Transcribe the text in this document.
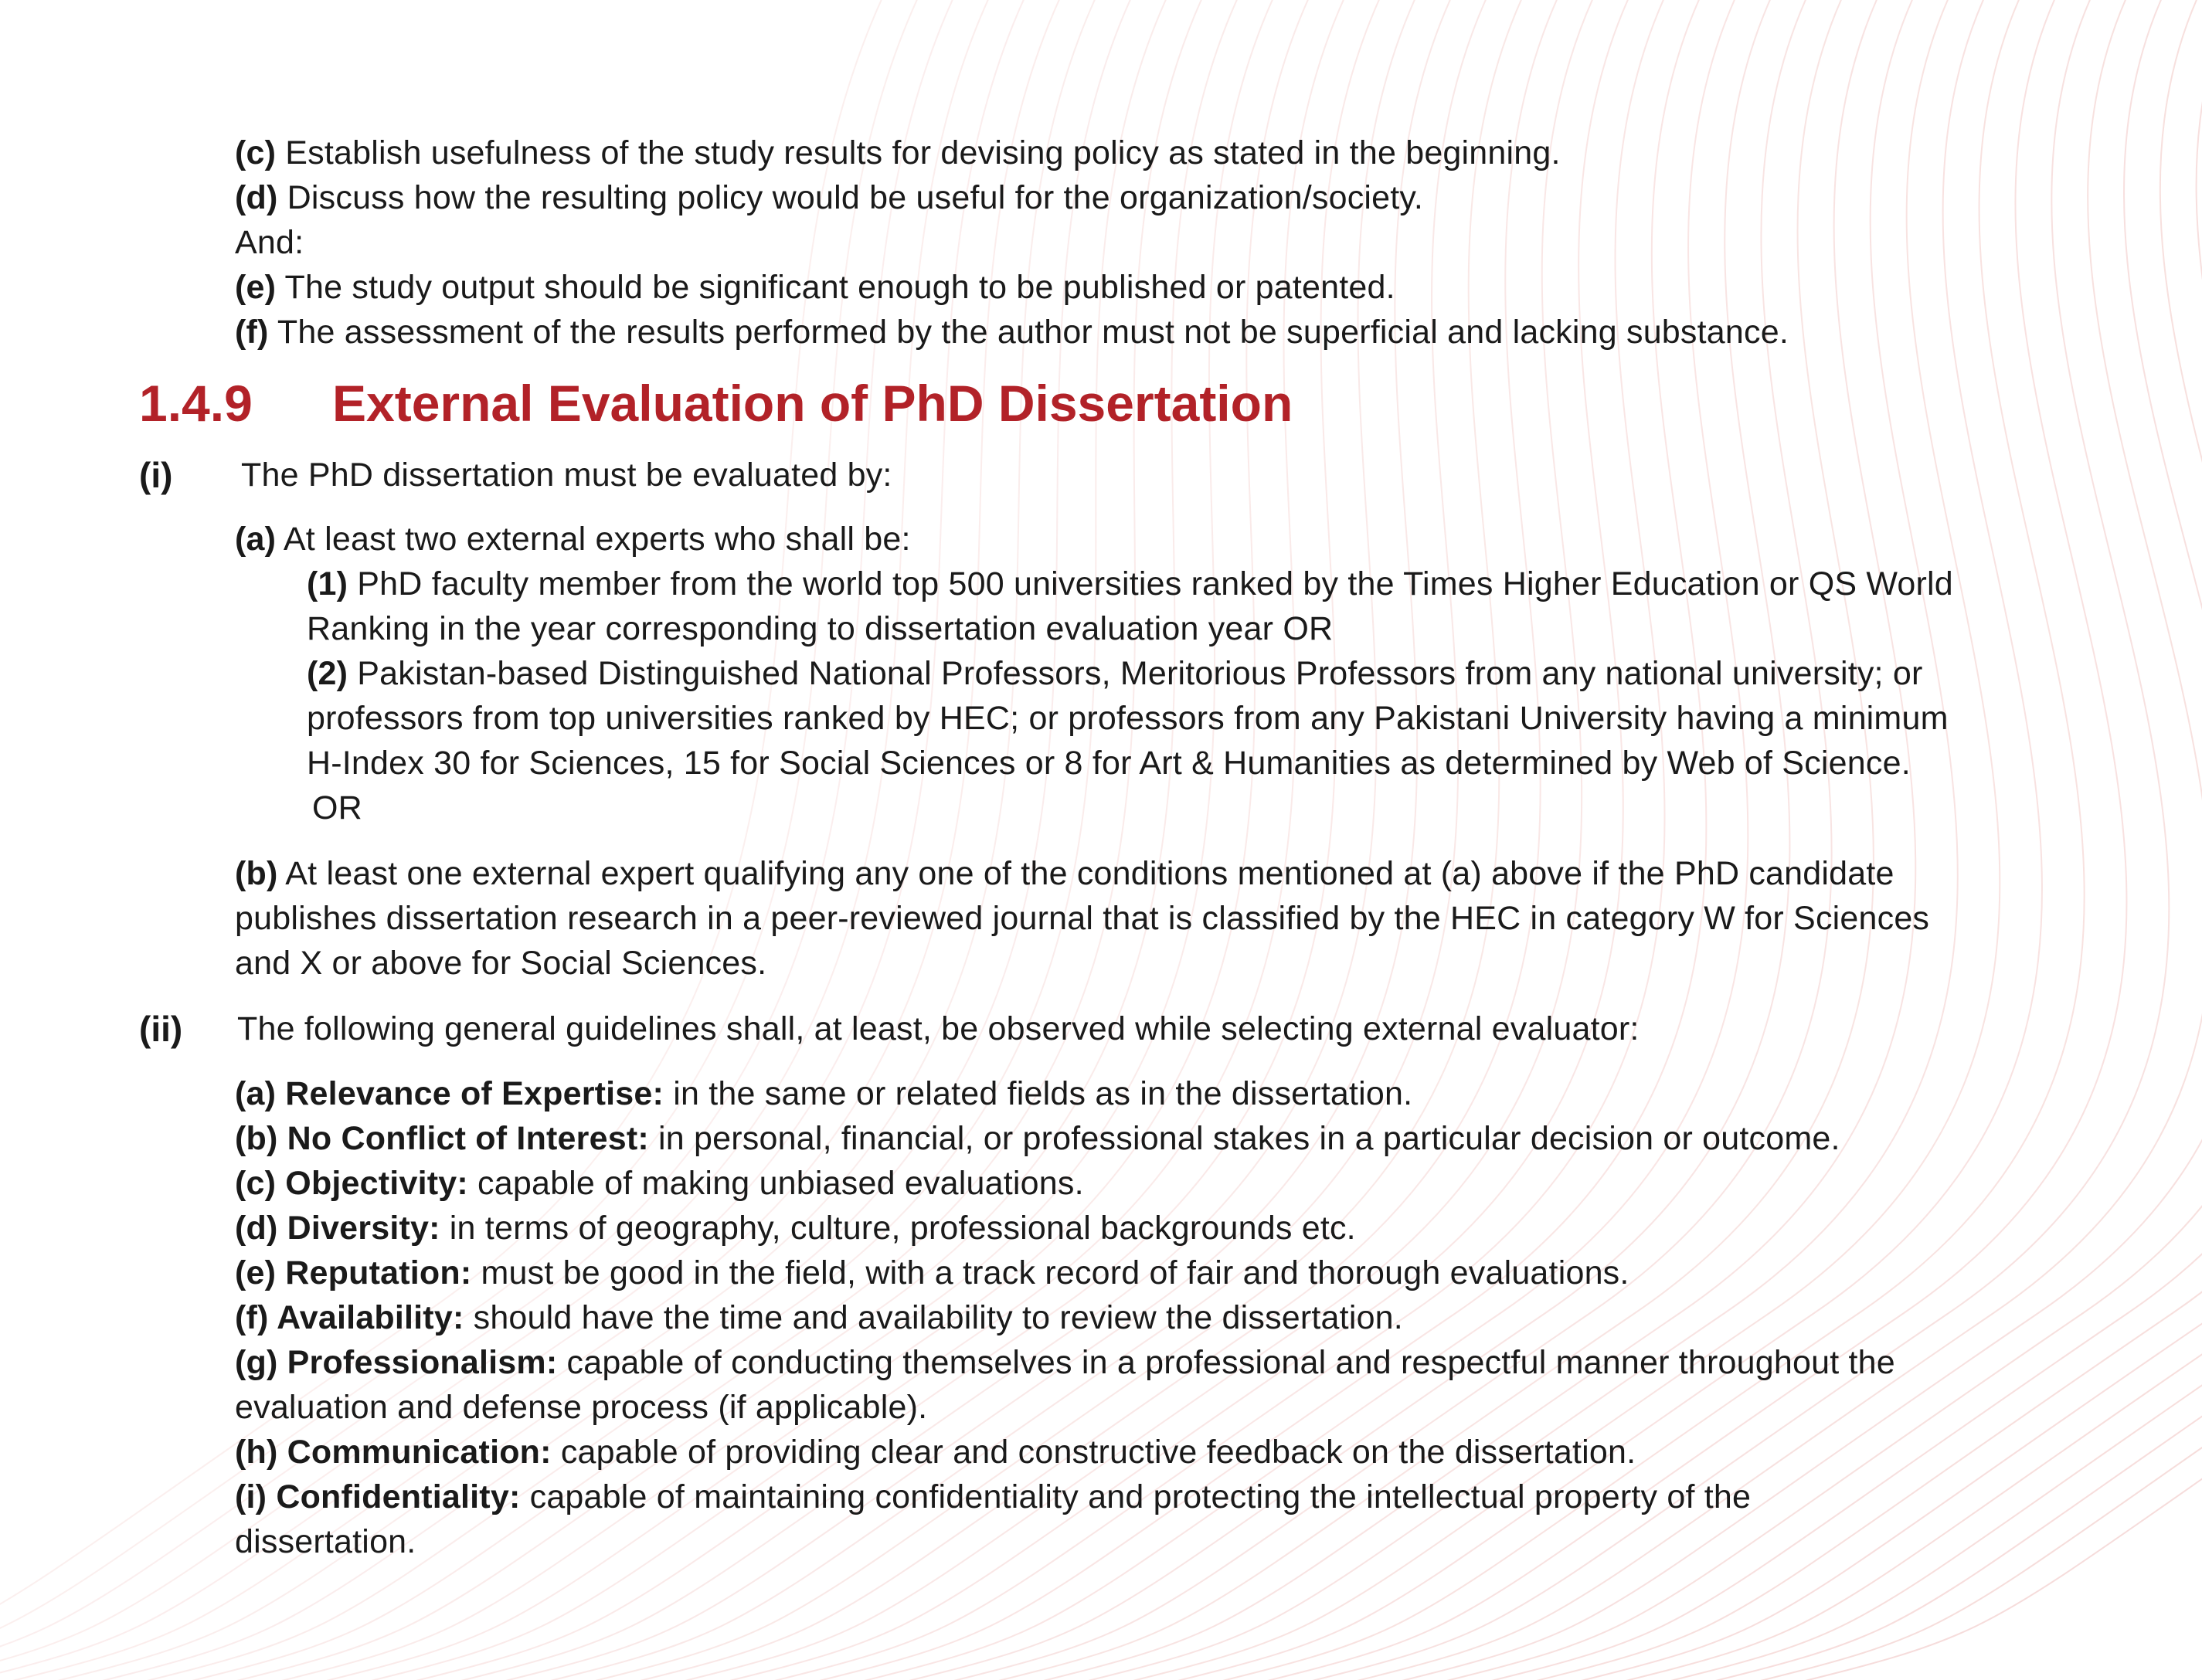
(c) Establish usefulness of the study results for devising policy as stated in the beginning.
(d) Discuss how the resulting policy would be useful for the organization/society.
And:
(e) The study output should be significant enough to be published or patented.
(f) The assessment of the results performed by the author must not be superficial and lacking substance.
1.4.9 External Evaluation of PhD Dissertation
(i) The PhD dissertation must be evaluated by:
(a) At least two external experts who shall be:
(1) PhD faculty member from the world top 500 universities ranked by the Times Higher Education or QS World
Ranking in the year corresponding to dissertation evaluation year OR
(2) Pakistan-based Distinguished National Professors, Meritorious Professors from any national university; or
professors from top universities ranked by HEC; or professors from any Pakistani University having a minimum
H-Index 30 for Sciences, 15 for Social Sciences or 8 for Art & Humanities as determined by Web of Science.
OR
(b) At least one external expert qualifying any one of the conditions mentioned at (a) above if the PhD candidate
publishes dissertation research in a peer-reviewed journal that is classified by the HEC in category W for Sciences
and X or above for Social Sciences.
(ii) The following general guidelines shall, at least, be observed while selecting external evaluator:
(a) Relevance of Expertise: in the same or related fields as in the dissertation.
(b) No Conflict of Interest: in personal, financial, or professional stakes in a particular decision or outcome.
(c) Objectivity: capable of making unbiased evaluations.
(d) Diversity: in terms of geography, culture, professional backgrounds etc.
(e) Reputation: must be good in the field, with a track record of fair and thorough evaluations.
(f) Availability: should have the time and availability to review the dissertation.
(g) Professionalism: capable of conducting themselves in a professional and respectful manner throughout the
evaluation and defense process (if applicable).
(h) Communication: capable of providing clear and constructive feedback on the dissertation.
(i) Confidentiality: capable of maintaining confidentiality and protecting the intellectual property of the
dissertation.
